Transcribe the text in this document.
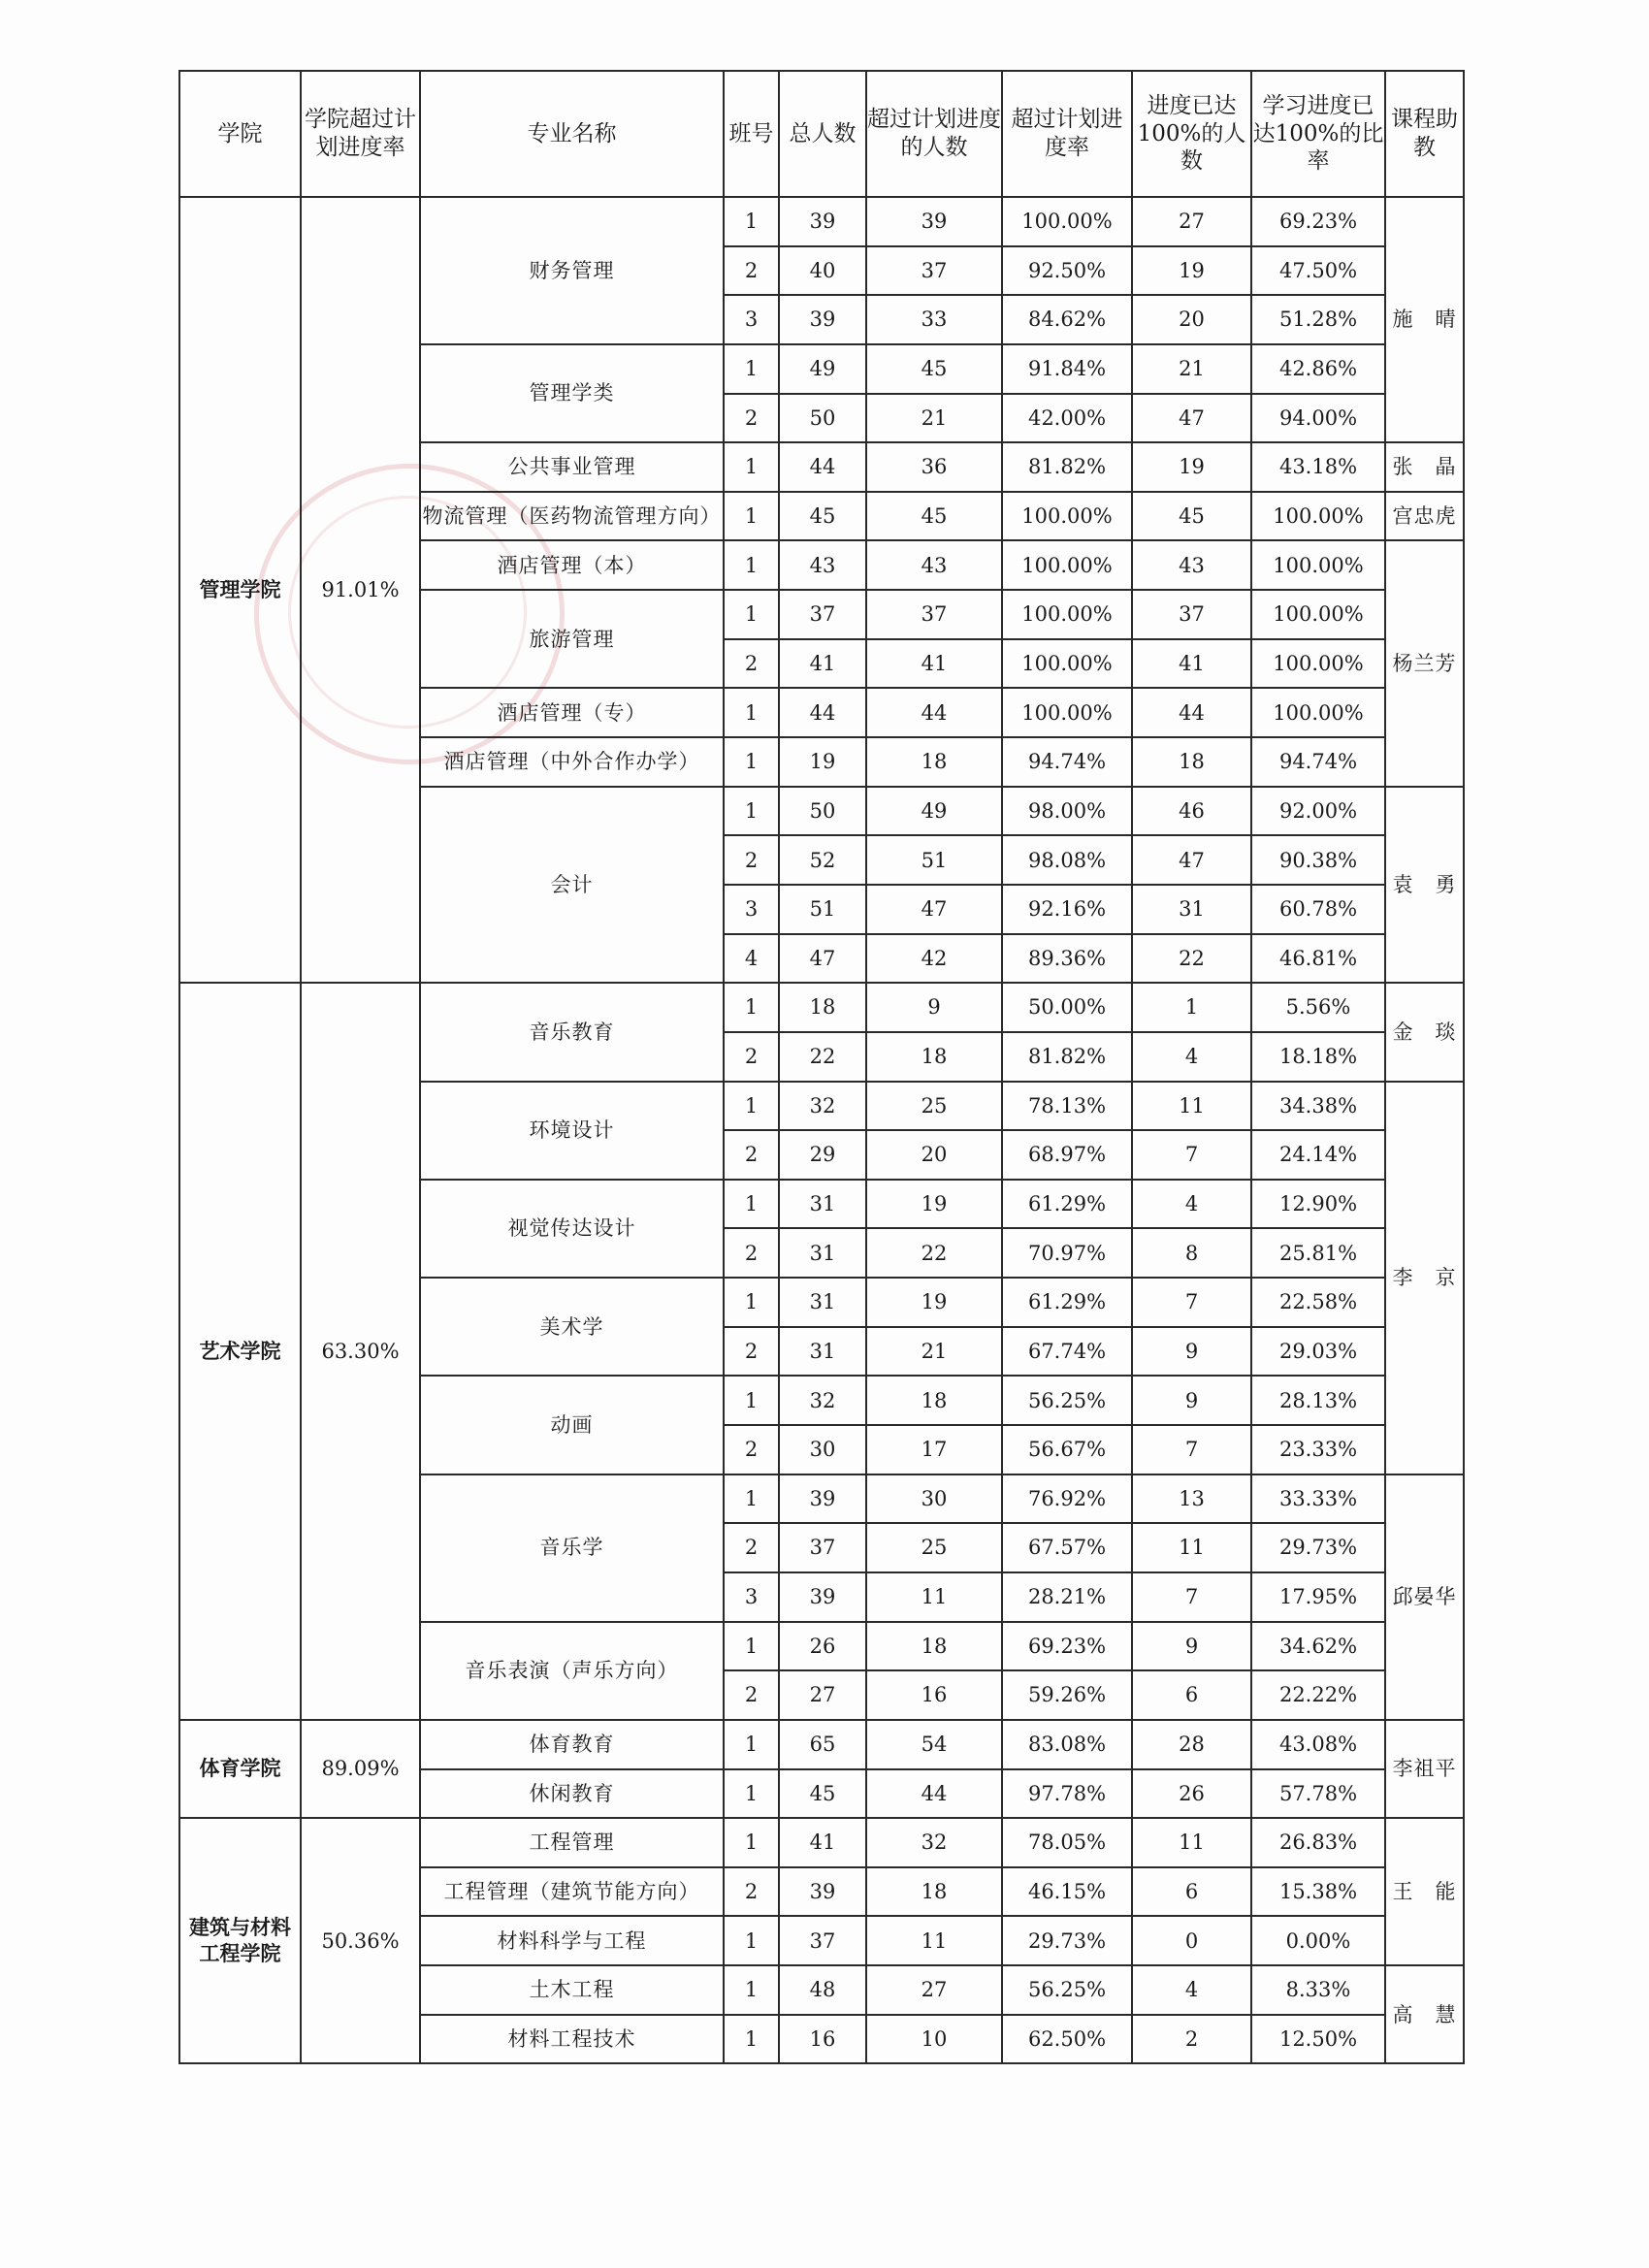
学院	学院超过计划进度率	专业名称	班号	总人数	超过计划进度的人数	超过计划进度率	进度已达100%的人数	学习进度已达100%的比率	课程助教
管理学院	91.01%	财务管理	1	39	39	100.00%	27	69.23%	施　晴
			2	40	37	92.50%	19	47.50%	
			3	39	33	84.62%	20	51.28%	
		管理学类	1	49	45	91.84%	21	42.86%	
			2	50	21	42.00%	47	94.00%	
		公共事业管理	1	44	36	81.82%	19	43.18%	张　晶
		物流管理（医药物流管理方向）	1	45	45	100.00%	45	100.00%	宫忠虎
		酒店管理（本）	1	43	43	100.00%	43	100.00%	杨兰芳
		旅游管理	1	37	37	100.00%	37	100.00%	
			2	41	41	100.00%	41	100.00%	
		酒店管理（专）	1	44	44	100.00%	44	100.00%	
		酒店管理（中外合作办学）	1	19	18	94.74%	18	94.74%	
		会计	1	50	49	98.00%	46	92.00%	袁　勇
			2	52	51	98.08%	47	90.38%	
			3	51	47	92.16%	31	60.78%	
			4	47	42	89.36%	22	46.81%	
艺术学院	63.30%	音乐教育	1	18	9	50.00%	1	5.56%	金　琰
			2	22	18	81.82%	4	18.18%	
		环境设计	1	32	25	78.13%	11	34.38%	李　京
			2	29	20	68.97%	7	24.14%	
		视觉传达设计	1	31	19	61.29%	4	12.90%	
			2	31	22	70.97%	8	25.81%	
		美术学	1	31	19	61.29%	7	22.58%	
			2	31	21	67.74%	9	29.03%	
		动画	1	32	18	56.25%	9	28.13%	
			2	30	17	56.67%	7	23.33%	
		音乐学	1	39	30	76.92%	13	33.33%	邱晏华
			2	37	25	67.57%	11	29.73%	
			3	39	11	28.21%	7	17.95%	
		音乐表演（声乐方向）	1	26	18	69.23%	9	34.62%	
			2	27	16	59.26%	6	22.22%	
体育学院	89.09%	体育教育	1	65	54	83.08%	28	43.08%	李祖平
		休闲教育	1	45	44	97.78%	26	57.78%	
建筑与材料工程学院	50.36%	工程管理	1	41	32	78.05%	11	26.83%	王　能
		工程管理（建筑节能方向）	2	39	18	46.15%	6	15.38%	
		材料科学与工程	1	37	11	29.73%	0	0.00%	
		土木工程	1	48	27	56.25%	4	8.33%	高　慧
		材料工程技术	1	16	10	62.50%	2	12.50%	
